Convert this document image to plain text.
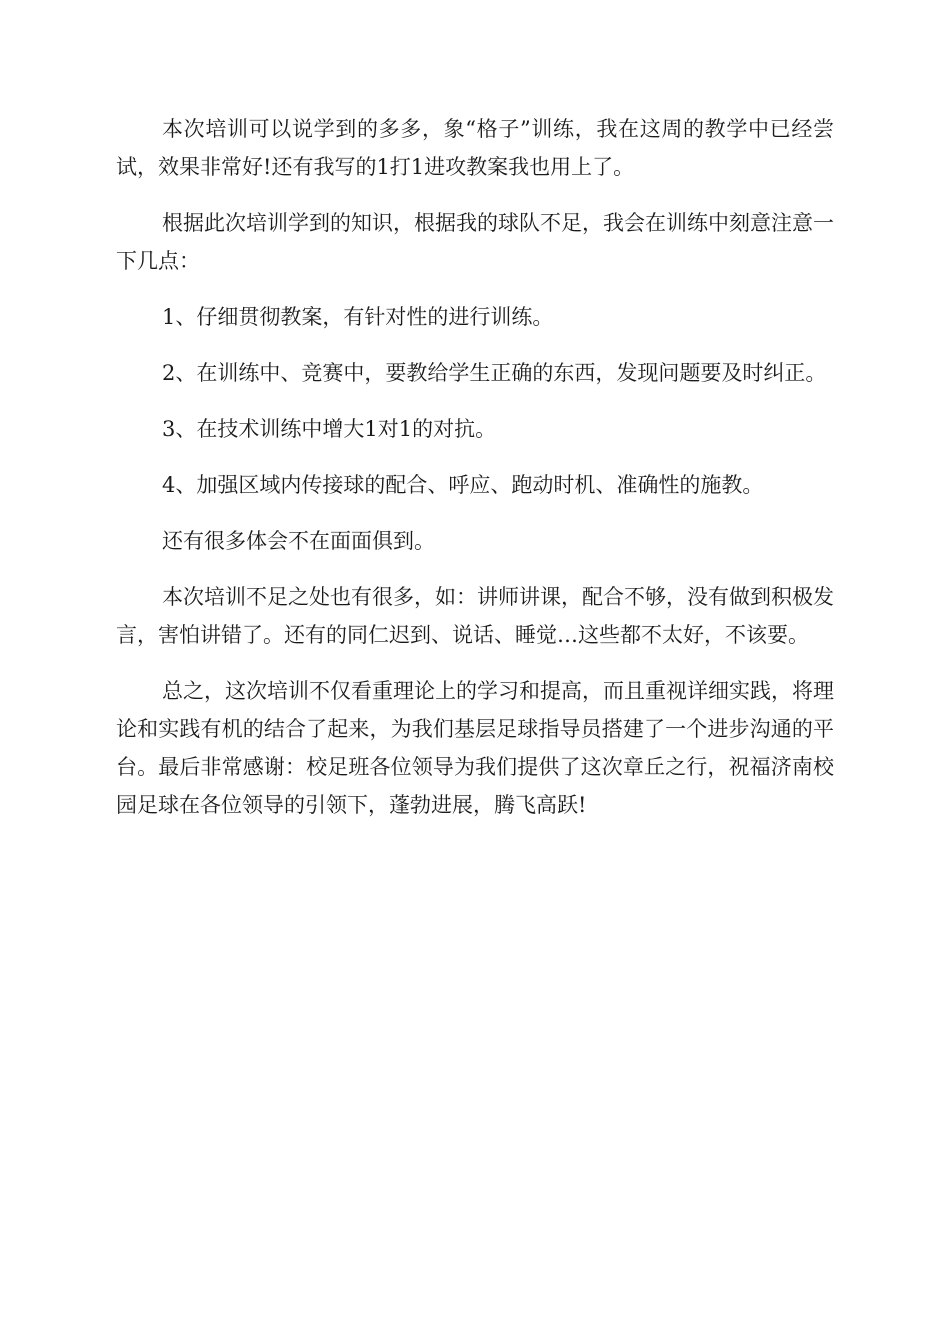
本次培训可以说学到的多多，象“格子”训练，我在这周的教学中已经尝试，效果非常好!还有我写的1打1进攻教案我也用上了。

根据此次培训学到的知识，根据我的球队不足，我会在训练中刻意注意一下几点：

1、仔细贯彻教案，有针对性的进行训练。

2、在训练中、竞赛中，要教给学生正确的东西，发现问题要及时纠正。

3、在技术训练中增大1对1的对抗。

4、加强区域内传接球的配合、呼应、跑动时机、准确性的施教。

还有很多体会不在面面俱到。

本次培训不足之处也有很多，如：讲师讲课，配合不够，没有做到积极发言，害怕讲错了。还有的同仁迟到、说话、睡觉…这些都不太好，不该要。

总之，这次培训不仅看重理论上的学习和提高，而且重视详细实践，将理论和实践有机的结合了起来，为我们基层足球指导员搭建了一个进步沟通的平台。最后非常感谢：校足班各位领导为我们提供了这次章丘之行，祝福济南校园足球在各位领导的引领下，蓬勃进展，腾飞高跃!
